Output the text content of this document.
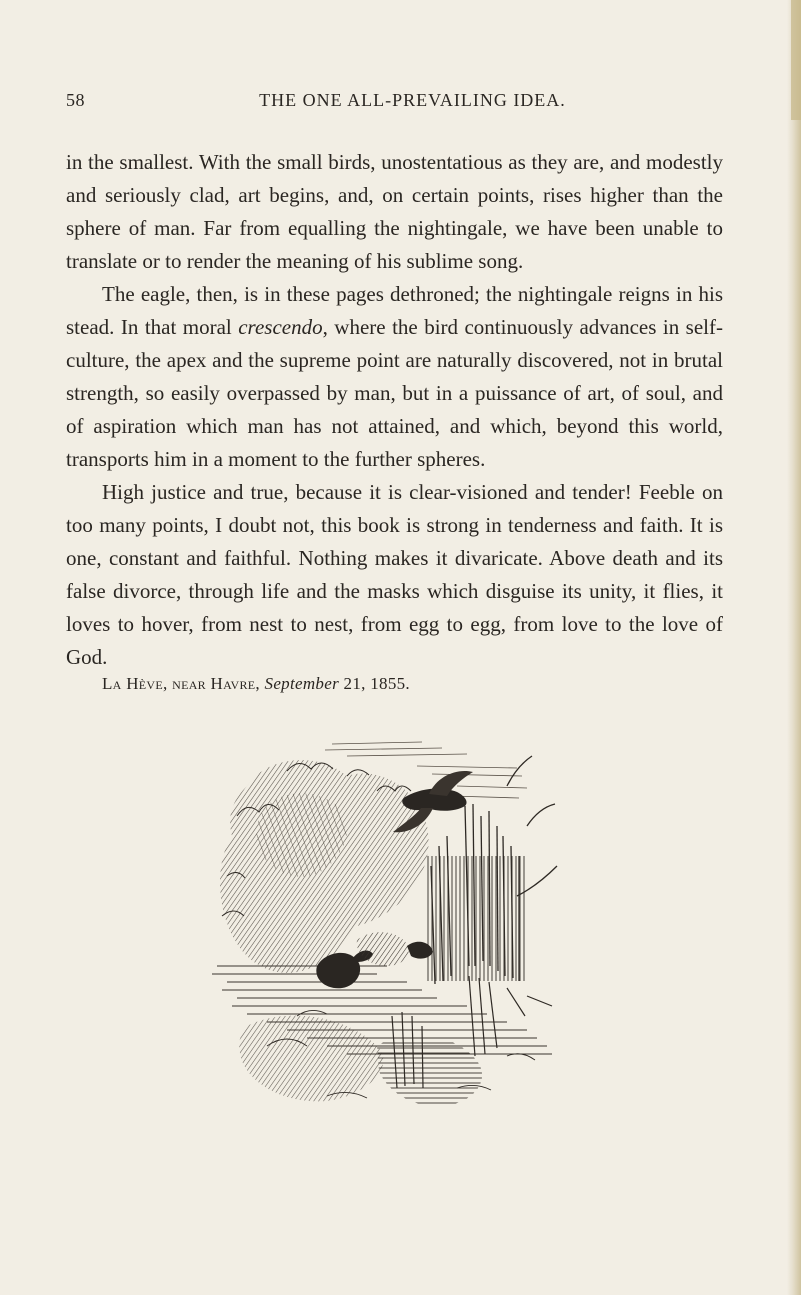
58	THE ONE ALL-PREVAILING IDEA.

in the smallest. With the small birds, unostentatious as they are, and modestly and seriously clad, art begins, and, on certain points, rises higher than the sphere of man. Far from equalling the nightingale, we have been unable to translate or to render the meaning of his sublime song.

The eagle, then, is in these pages dethroned; the nightingale reigns in his stead. In that moral crescendo, where the bird continuously advances in self-culture, the apex and the supreme point are naturally discovered, not in brutal strength, so easily overpassed by man, but in a puissance of art, of soul, and of aspiration which man has not attained, and which, beyond this world, transports him in a moment to the further spheres.

High justice and true, because it is clear-visioned and tender! Feeble on too many points, I doubt not, this book is strong in tenderness and faith. It is one, constant and faithful. Nothing makes it divaricate. Above death and its false divorce, through life and the masks which disguise its unity, it flies, it loves to hover, from nest to nest, from egg to egg, from love to the love of God.

La Hève, near Havre, September 21, 1855.
